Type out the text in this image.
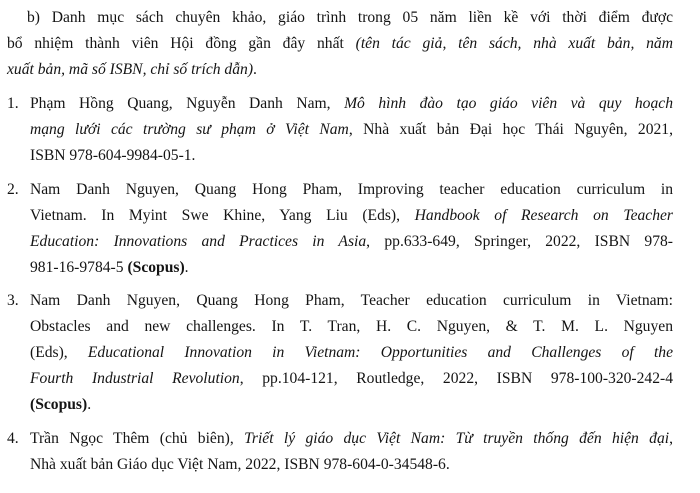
b) Danh mục sách chuyên khảo, giáo trình trong 05 năm liền kề với thời điểm được
bổ nhiệm thành viên Hội đồng gần đây nhất (tên tác giả, tên sách, nhà xuất bản, năm
xuất bản, mã số ISBN, chỉ số trích dẫn).
1. Phạm Hồng Quang, Nguyễn Danh Nam, Mô hình đào tạo giáo viên và quy hoạch
mạng lưới các trường sư phạm ở Việt Nam, Nhà xuất bản Đại học Thái Nguyên, 2021,
ISBN 978-604-9984-05-1.
2. Nam Danh Nguyen, Quang Hong Pham, Improving teacher education curriculum in
Vietnam. In Myint Swe Khine, Yang Liu (Eds), Handbook of Research on Teacher
Education: Innovations and Practices in Asia, pp.633-649, Springer, 2022, ISBN 978-
981-16-9784-5 (Scopus).
3. Nam Danh Nguyen, Quang Hong Pham, Teacher education curriculum in Vietnam:
Obstacles and new challenges. In T. Tran, H. C. Nguyen, & T. M. L. Nguyen
(Eds), Educational Innovation in Vietnam: Opportunities and Challenges of the
Fourth Industrial Revolution, pp.104-121, Routledge, 2022, ISBN 978-100-320-242-4
(Scopus).
4. Trần Ngọc Thêm (chủ biên), Triết lý giáo dục Việt Nam: Từ truyền thống đến hiện đại,
Nhà xuất bản Giáo dục Việt Nam, 2022, ISBN 978-604-0-34548-6.
